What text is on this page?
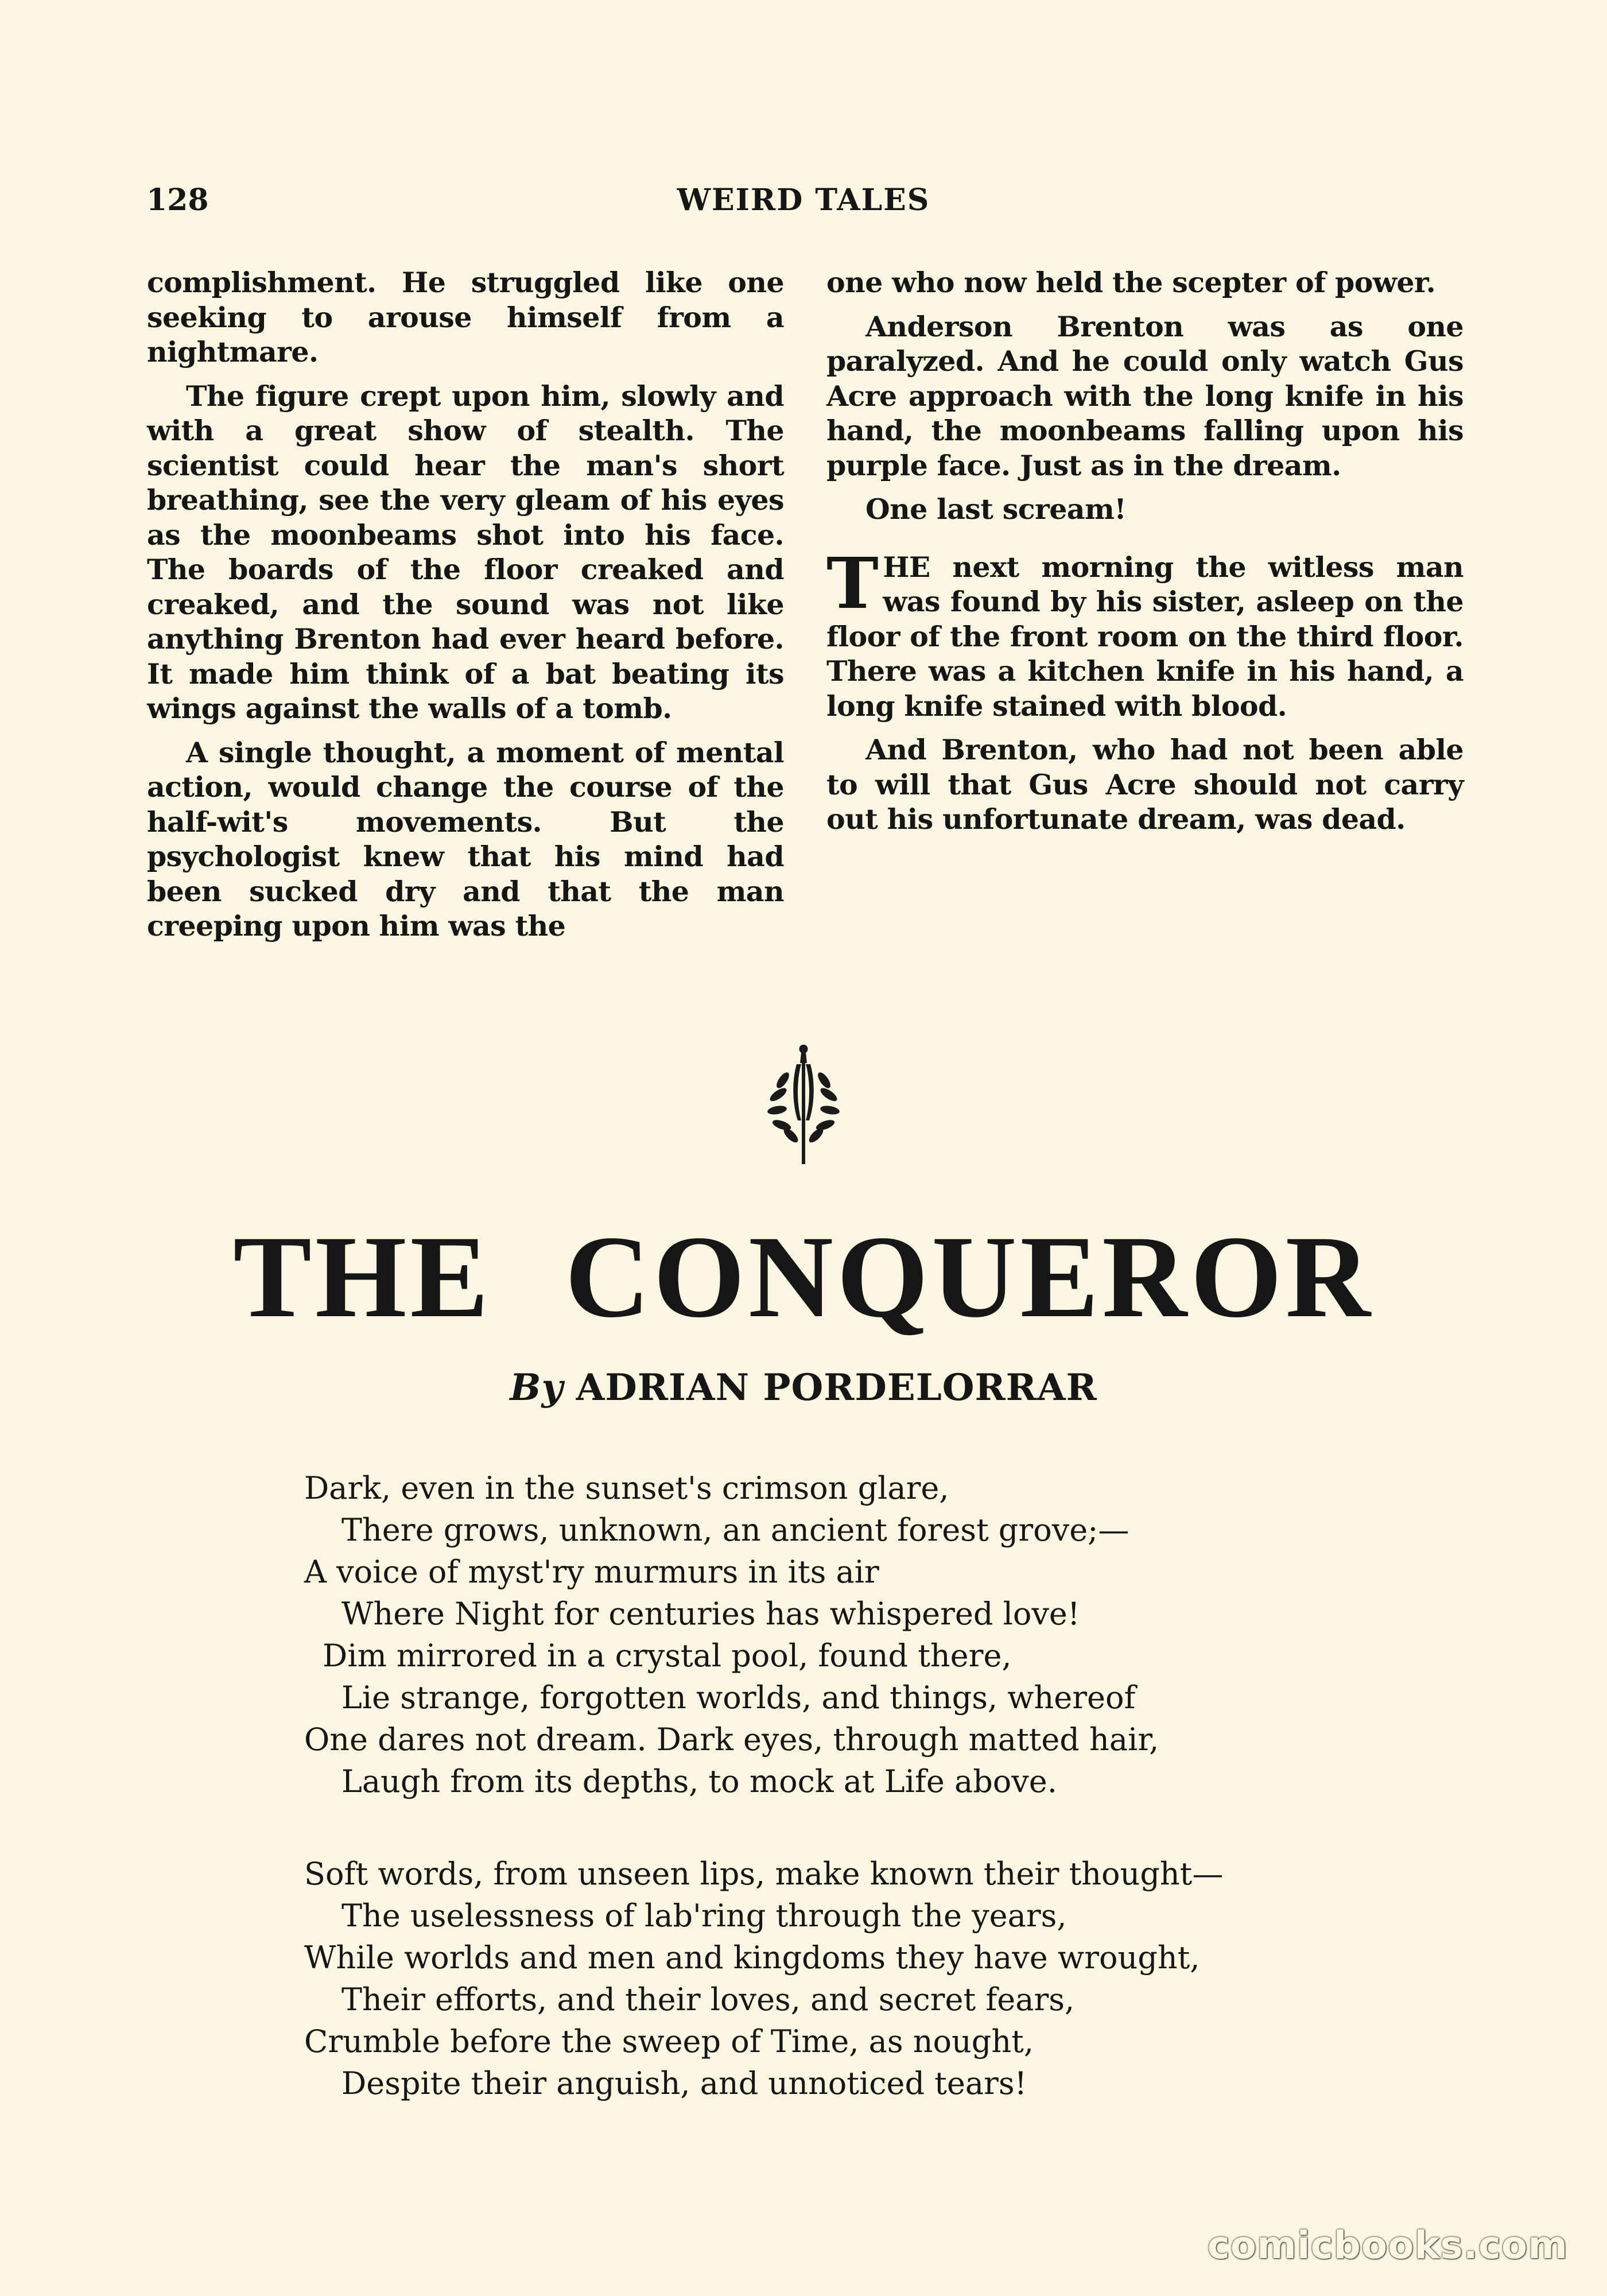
128	WEIRD TALES

complishment. He struggled like one seeking to arouse himself from a nightmare.

The figure crept upon him, slowly and with a great show of stealth. The scientist could hear the man's short breathing, see the very gleam of his eyes as the moonbeams shot into his face. The boards of the floor creaked and creaked, and the sound was not like anything Brenton had ever heard before. It made him think of a bat beating its wings against the walls of a tomb.

A single thought, a moment of mental action, would change the course of the half-wit's movements. But the psychologist knew that his mind had been sucked dry and that the man creeping upon him was the

one who now held the scepter of power.

Anderson Brenton was as one paralyzed. And he could only watch Gus Acre approach with the long knife in his hand, the moonbeams falling upon his purple face. Just as in the dream.

One last scream!

THE next morning the witless man was found by his sister, asleep on the floor of the front room on the third floor. There was a kitchen knife in his hand, a long knife stained with blood.

And Brenton, who had not been able to will that Gus Acre should not carry out his unfortunate dream, was dead.

THE CONQUEROR
By ADRIAN PORDELORRAR
Dark, even in the sunset's crimson glare,
There grows, unknown, an ancient forest grove;—
A voice of myst'ry murmurs in its air
Where Night for centuries has whispered love!
Dim mirrored in a crystal pool, found there,
Lie strange, forgotten worlds, and things, whereof
One dares not dream. Dark eyes, through matted hair,
Laugh from its depths, to mock at Life above.
Soft words, from unseen lips, make known their thought—
The uselessness of lab'ring through the years,
While worlds and men and kingdoms they have wrought,
Their efforts, and their loves, and secret fears,
Crumble before the sweep of Time, as nought,
Despite their anguish, and unnoticed tears!
comicbooks.com
